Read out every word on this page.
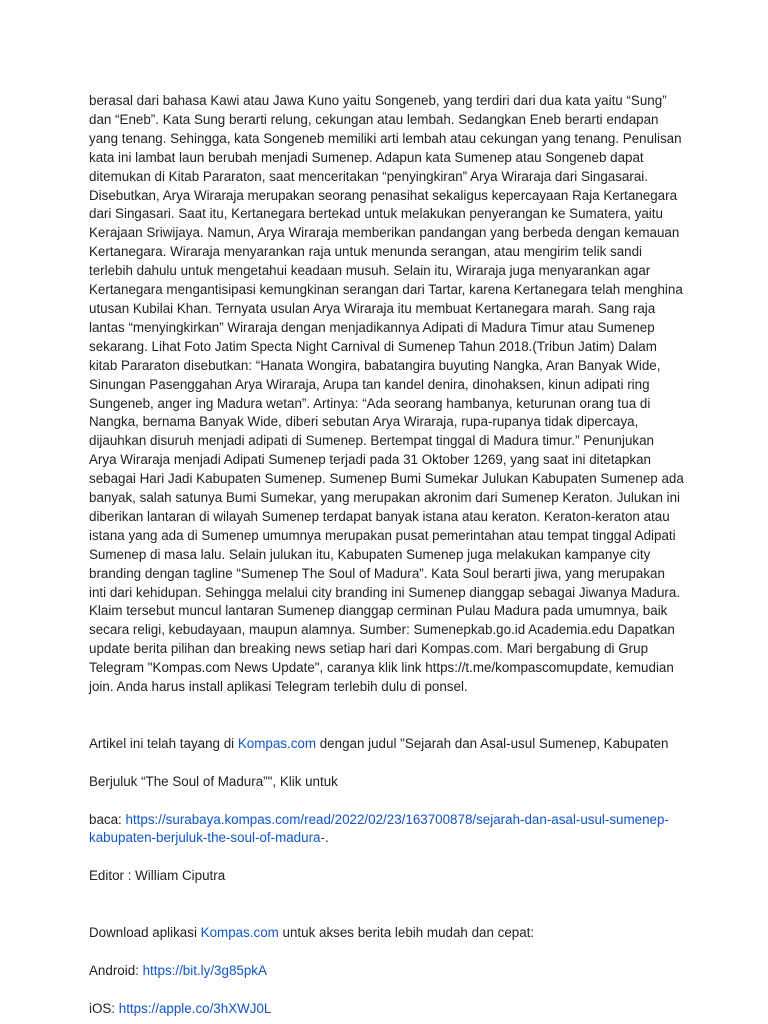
berasal dari bahasa Kawi atau Jawa Kuno yaitu Songeneb, yang terdiri dari dua kata yaitu “Sung”
dan “Eneb”. Kata Sung berarti relung, cekungan atau lembah. Sedangkan Eneb berarti endapan
yang tenang. Sehingga, kata Songeneb memiliki arti lembah atau cekungan yang tenang. Penulisan
kata ini lambat laun berubah menjadi Sumenep. Adapun kata Sumenep atau Songeneb dapat
ditemukan di Kitab Pararaton, saat menceritakan “penyingkiran” Arya Wiraraja dari Singasarai.
Disebutkan, Arya Wiraraja merupakan seorang penasihat sekaligus kepercayaan Raja Kertanegara
dari Singasari. Saat itu, Kertanegara bertekad untuk melakukan penyerangan ke Sumatera, yaitu
Kerajaan Sriwijaya. Namun, Arya Wiraraja memberikan pandangan yang berbeda dengan kemauan
Kertanegara. Wiraraja menyarankan raja untuk menunda serangan, atau mengirim telik sandi
terlebih dahulu untuk mengetahui keadaan musuh. Selain itu, Wiraraja juga menyarankan agar
Kertanegara mengantisipasi kemungkinan serangan dari Tartar, karena Kertanegara telah menghina
utusan Kubilai Khan. Ternyata usulan Arya Wiraraja itu membuat Kertanegara marah. Sang raja
lantas “menyingkirkan” Wiraraja dengan menjadikannya Adipati di Madura Timur atau Sumenep
sekarang. Lihat Foto Jatim Specta Night Carnival di Sumenep Tahun 2018.(Tribun Jatim) Dalam
kitab Pararaton disebutkan: “Hanata Wongira, babatangira buyuting Nangka, Aran Banyak Wide,
Sinungan Pasenggahan Arya Wiraraja, Arupa tan kandel denira, dinohaksen, kinun adipati ring
Sungeneb, anger ing Madura wetan”. Artinya: “Ada seorang hambanya, keturunan orang tua di
Nangka, bernama Banyak Wide, diberi sebutan Arya Wiraraja, rupa-rupanya tidak dipercaya,
dijauhkan disuruh menjadi adipati di Sumenep. Bertempat tinggal di Madura timur.” Penunjukan
Arya Wiraraja menjadi Adipati Sumenep terjadi pada 31 Oktober 1269, yang saat ini ditetapkan
sebagai Hari Jadi Kabupaten Sumenep. Sumenep Bumi Sumekar Julukan Kabupaten Sumenep ada
banyak, salah satunya Bumi Sumekar, yang merupakan akronim dari Sumenep Keraton. Julukan ini
diberikan lantaran di wilayah Sumenep terdapat banyak istana atau keraton. Keraton-keraton atau
istana yang ada di Sumenep umumnya merupakan pusat pemerintahan atau tempat tinggal Adipati
Sumenep di masa lalu. Selain julukan itu, Kabupaten Sumenep juga melakukan kampanye city
branding dengan tagline “Sumenep The Soul of Madura”. Kata Soul berarti jiwa, yang merupakan
inti dari kehidupan. Sehingga melalui city branding ini Sumenep dianggap sebagai Jiwanya Madura.
Klaim tersebut muncul lantaran Sumenep dianggap cerminan Pulau Madura pada umumnya, baik
secara religi, kebudayaan, maupun alamnya. Sumber: Sumenepkab.go.id Academia.edu Dapatkan
update berita pilihan dan breaking news setiap hari dari Kompas.com. Mari bergabung di Grup
Telegram "Kompas.com News Update", caranya klik link https://t.me/kompascomupdate, kemudian
join. Anda harus install aplikasi Telegram terlebih dulu di ponsel.

Artikel ini telah tayang di Kompas.com dengan judul "Sejarah dan Asal-usul Sumenep, Kabupaten

Berjuluk “The Soul of Madura”", Klik untuk

baca: https://surabaya.kompas.com/read/2022/02/23/163700878/sejarah-dan-asal-usul-sumenep-
kabupaten-berjuluk-the-soul-of-madura-.

Editor : William Ciputra

Download aplikasi Kompas.com untuk akses berita lebih mudah dan cepat:

Android: https://bit.ly/3g85pkA

iOS: https://apple.co/3hXWJ0L
